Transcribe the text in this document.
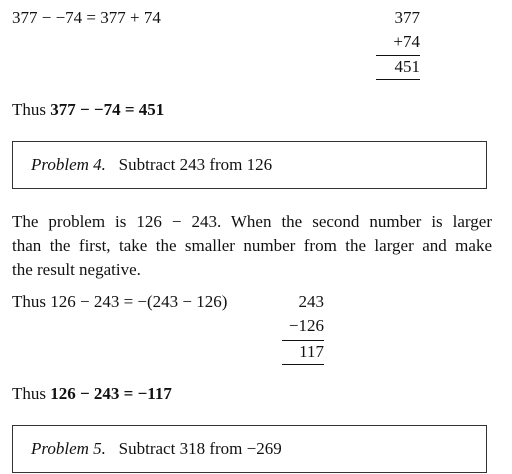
377 − −74 = 377 + 74	377
+74
451
Thus 377 − −74 = 451
Problem 4. Subtract 243 from 126
The problem is 126 − 243. When the second number is larger
than the first, take the smaller number from the larger and make
the result negative.
Thus 126 − 243 = −(243 − 126)	243
−126
117
Thus 126 − 243 = −117
Problem 5. Subtract 318 from −269
